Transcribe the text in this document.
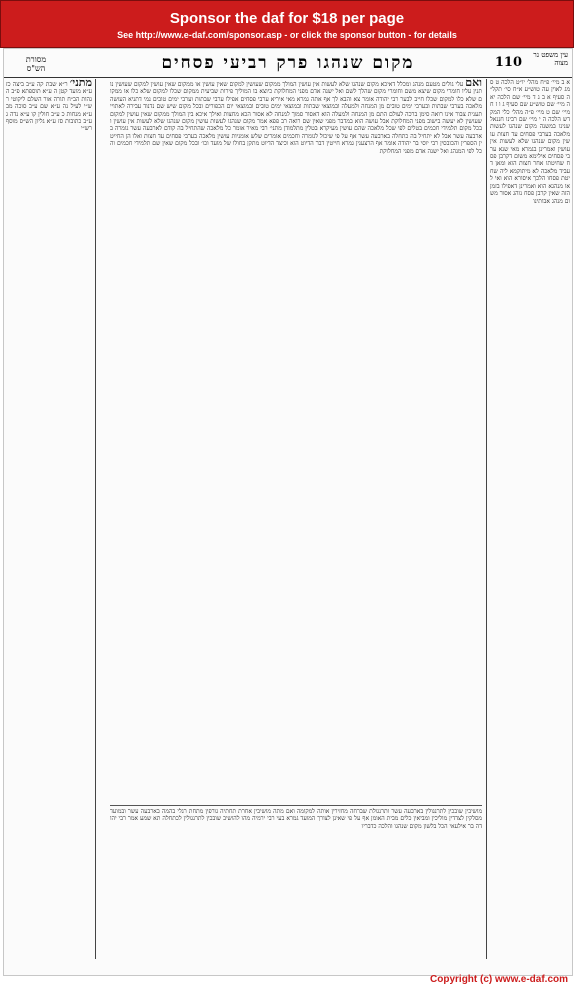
Sponsor the daf for $18 per page
See http://www.e-daf.com/sponsor.asp - or click the sponsor button - for details
עין משפט נר מצוה
110
מקום שנהגו פרק רביעי פסחים
מסורת הש"ס
א ב מיי׳ פ״ח מהל׳ יו״ט הלכה ט סמג לאוין עה טוש״ע א״ח סי׳ תקל״ה סעיף א ב ג ד מיי׳ שם הלכה יא ה מיי׳ שם טוש״ע שם סעיף ג ו ז ח מיי׳ שם ט מיי׳ פ״ה מהל׳ כלי המקדש הלכה ה י מיי׳ שם רבינו חננאל שנינו במשנה מקום שנהגו לעשות מלאכה בערבי פסחים עד חצות עושין מקום שנהגו שלא לעשות אין עושין ואמרינן בגמרא מאי שנא ערבי פסחים אילימא משום דקרבן פסח שחיטתו אחר חצות הוא ומאן דעביד מלאכה לא מיתוקמא ליה שחיטת פסחו הלכך איסורא הוא ואי לאו מנהגא הוא ואמרינן דאפילו בזמן הזה שאין קרבן פסח נוהג אסור משום מנהג אבותינו
ואם עלי גולים מטעם מנהג ומכלל דאיכא מקום שנהגו שלא לעשות אין עושין המולך ממקום שעושין למקום שאין עושין או ממקום שאין עושין למקום שעושין נותנין עליו חומרי מקום שיצא משם וחומרי מקום שהלך לשם ואל ישנה אדם מפני המחלוקת כיוצא בו המוליך פירות שביעית ממקום שכלו למקום שלא כלו או ממקום שלא כלו למקום שכלו חייב לבער רבי יהודה אומר צא והבא לך אף אתה גמרא מאי איריא ערבי פסחים אפילו ערבי שבתות וערבי ימים טובים נמי דתניא העושה מלאכה בערבי שבתות ובערבי ימים טובים מן המנחה ולמעלה ובמוצאי שבתות ובמוצאי ימים טובים ובמוצאי יום הכפורים ובכל מקום שיש שם נדנוד עבירה לאתויי תענית צבור אינו רואה סימן ברכה לעולם התם מן המנחה ולמעלה הוא דאסור סמוך למנחה לא אסור הכא מחצות ואילך איכא בין המולך ממקום שאין עושין למקום שעושין לא יעשה בישוב מפני המחלוקת אבל עושה הוא במדבר מפני שאין שם רואה רב פפא אמר מקום שנהגו לעשות עושין מקום שנהגו שלא לעשות אין עושין ובכל מקום תלמידי חכמים בטלים לפי שכל מלאכה שהם עושין מעיקרא בטלין מתלמודן מתני׳ רבי מאיר אומר כל מלאכה שהתחיל בה קודם לארבעה עשר גומרה בארבעה עשר אבל לא יתחיל בה כתחלה בארבעה עשר אף על פי שיכול לגומרה וחכמים אומרים שלש אומניות עושין מלאכה בערבי פסחים עד חצות ואלו הן החייטין הספרין והכובסין רבי יוסי בר יהודה אומר אף הרצענין גמרא חייטין דבר הדיוט הוא וכיצד הדיוט מתקן בחולו של מועד וכו׳ ובכל מקום שאין שם תלמידי חכמים והכל לפי המנהג ואל ישנה אדם מפני המחלוקת
מושיבין שובכין לתרנגולין בארבעה עשר ותרנגולת שברחה מחזירין אותה למקומה ואם מתה מושיבין אחרת תחתיה גורפין מתחת רגלי בהמה בארבעה עשר ובמועד מסלקין לצדדין מוליכין ומביאין כלים מבית האומן אף על פי שאינן לצורך המועד גמרא בעי רבי ירמיה מהו להושיב שובכין לתרנגולין לכתחלה תא שמע אמר רבי יהודה בר אילעאי הכל בלשון מקום שנהגו והלכה כדבריו
מתני׳ ר״א שבת קה ע״ב ביצה כז ע״א מועד קטן ה ע״א תוספתא פ״ב הגהות הב״ח תורה אור השלם ליקוטי רש״י לעיל נה ע״א שם ע״ב סוכה מב ע״א מנחות כ ע״ב חולין קו ע״א נדה ג ע״ב כתובות סז ע״א גליון הש״ס מוסף רש״י
Copyright (c) www.e-daf.com
